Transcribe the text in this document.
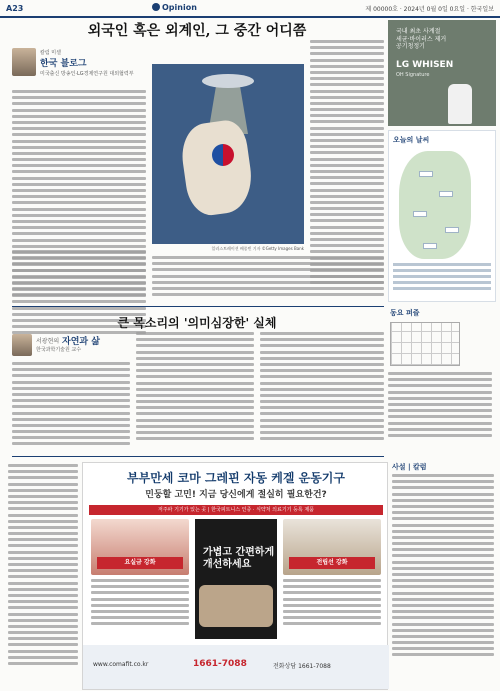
A23	Opinion	제 00000호 · 2024년 0월 0일 0요일 · 한국일보
외국인 혹은 외계인, 그 중간 어디쯤
칼럼 미셸
한국 블로그
미국출신 방송인·LG경제연구원 대외협력부
일러스트레이션 배종빈 기자 ©Getty Images Bank
큰 목소리의 '의미심장한' 실체
서광현의 자연과 삶
한국과학기술원 교수
국내 최초 사계절
세균·바이러스 제거
공기청정기
LG WHISEN
OH Signature
오늘의 날씨
동요 퍼즐
사설 | 칼럼
부부만세 코마 그레핀 자동 케겔 운동기구
민둥할 고민! 지금 당신에게 절실히 필요한건?
저주파 기기가 있는 곳 | 한국피트니스 인증 · 식약처 의료기기 등록 제품
요실금 강화
가볍고 간편하게 개선하세요	전립선 강화
www.comafit.co.kr	1661-7088	전화상담 1661-7088
